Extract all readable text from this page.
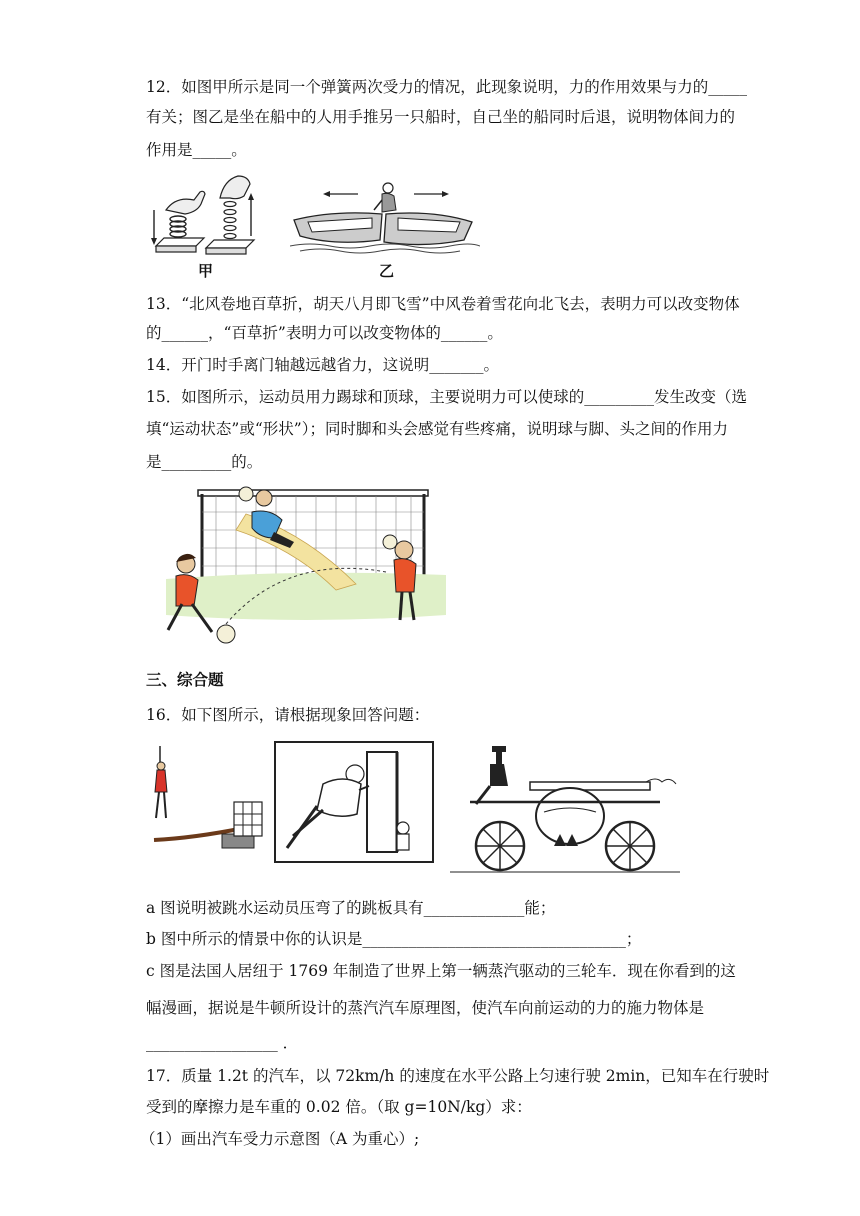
12．如图甲所示是同一个弹簧两次受力的情况，此现象说明，力的作用效果与力的_____
有关；图乙是坐在船中的人用手推另一只船时，自己坐的船同时后退，说明物体间力的
作用是_____。
甲	乙
13．“北风卷地百草折，胡天八月即飞雪”中风卷着雪花向北飞去，表明力可以改变物体
的______，“百草折”表明力可以改变物体的______。
14．开门时手离门轴越远越省力，这说明_______。
15．如图所示，运动员用力踢球和顶球，主要说明力可以使球的_________发生改变（选
填“运动状态”或“形状”）；同时脚和头会感觉有些疼痛，说明球与脚、头之间的作用力
是_________的。
三、综合题
16．如下图所示，请根据现象回答问题：
a 图说明被跳水运动员压弯了的跳板具有_____________能；
b 图中所示的情景中你的认识是__________________________________；
c 图是法国人居纽于 1769 年制造了世界上第一辆蒸汽驱动的三轮车．现在你看到的这
幅漫画，据说是牛顿所设计的蒸汽汽车原理图，使汽车向前运动的力的施力物体是
_________________ ．
17．质量 1.2t 的汽车，以 72km/h 的速度在水平公路上匀速行驶 2min，已知车在行驶时
受到的摩擦力是车重的 0.02 倍。（取 g=10N/kg）求：
（1）画出汽车受力示意图（A 为重心）;
